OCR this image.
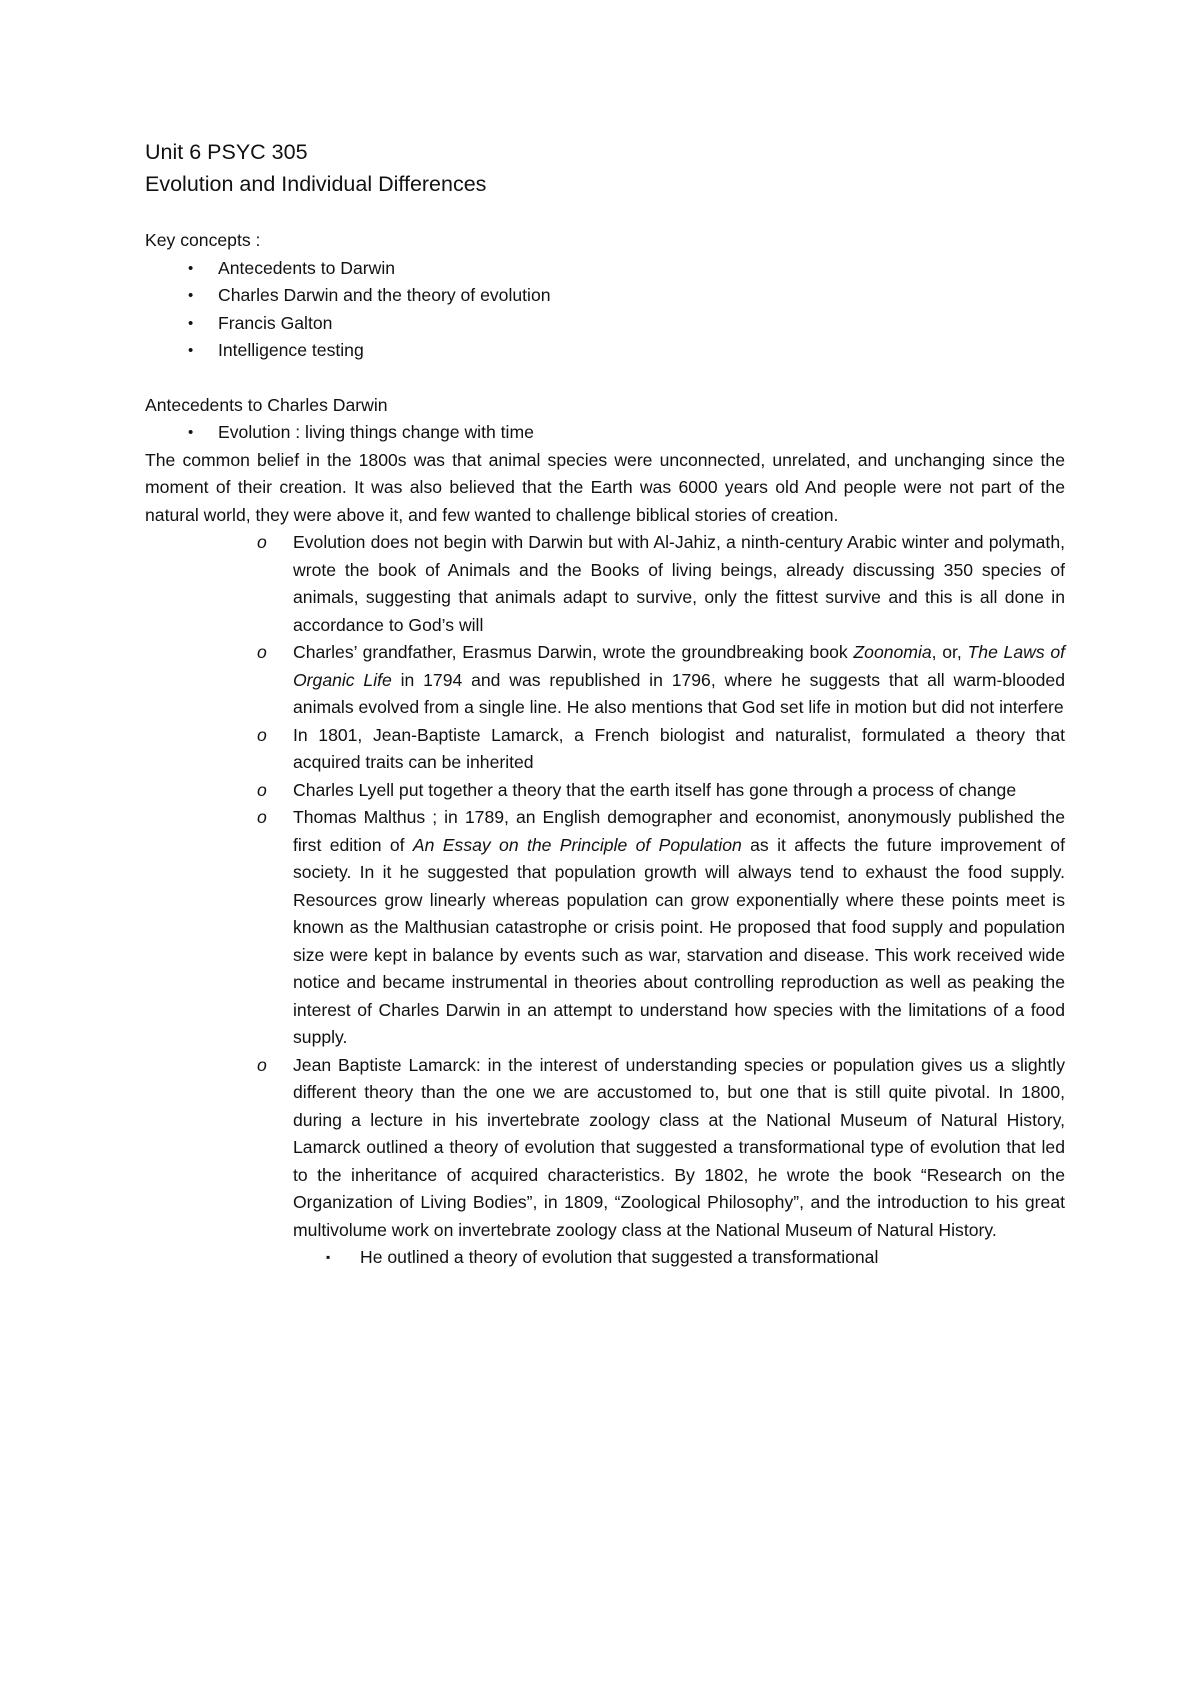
Unit 6 PSYC 305

Evolution and Individual Differences

Key concepts :

• Antecedents to Darwin
• Charles Darwin and the theory of evolution
• Francis Galton
• Intelligence testing

Antecedents to Charles Darwin

• Evolution : living things change with time

The common belief in the 1800s was that animal species were unconnected, unrelated, and unchanging since the moment of their creation. It was also believed that the Earth was 6000 years old And people were not part of the natural world, they were above it, and few wanted to challenge biblical stories of creation.

o Evolution does not begin with Darwin but with Al-Jahiz, a ninth-century Arabic winter and polymath, wrote the book of Animals and the Books of living beings, already discussing 350 species of animals, suggesting that animals adapt to survive, only the fittest survive and this is all done in accordance to God’s will
o Charles’ grandfather, Erasmus Darwin, wrote the groundbreaking book Zoonomia, or, The Laws of Organic Life in 1794 and was republished in 1796, where he suggests that all warm-blooded animals evolved from a single line. He also mentions that God set life in motion but did not interfere
o In 1801, Jean-Baptiste Lamarck, a French biologist and naturalist, formulated a theory that acquired traits can be inherited
o Charles Lyell put together a theory that the earth itself has gone through a process of change
o Thomas Malthus ; in 1789, an English demographer and economist, anonymously published the first edition of An Essay on the Principle of Population as it affects the future improvement of society. In it he suggested that population growth will always tend to exhaust the food supply. Resources grow linearly whereas population can grow exponentially where these points meet is known as the Malthusian catastrophe or crisis point. He proposed that food supply and population size were kept in balance by events such as war, starvation and disease. This work received wide notice and became instrumental in theories about controlling reproduction as well as peaking the interest of Charles Darwin in an attempt to understand how species with the limitations of a food supply.
o Jean Baptiste Lamarck: in the interest of understanding species or population gives us a slightly different theory than the one we are accustomed to, but one that is still quite pivotal. In 1800, during a lecture in his invertebrate zoology class at the National Museum of Natural History, Lamarck outlined a theory of evolution that suggested a transformational type of evolution that led to the inheritance of acquired characteristics. By 1802, he wrote the book “Research on the Organization of Living Bodies”, in 1809, “Zoological Philosophy”, and the introduction to his great multivolume work on invertebrate zoology class at the National Museum of Natural History.
▪ He outlined a theory of evolution that suggested a transformational
